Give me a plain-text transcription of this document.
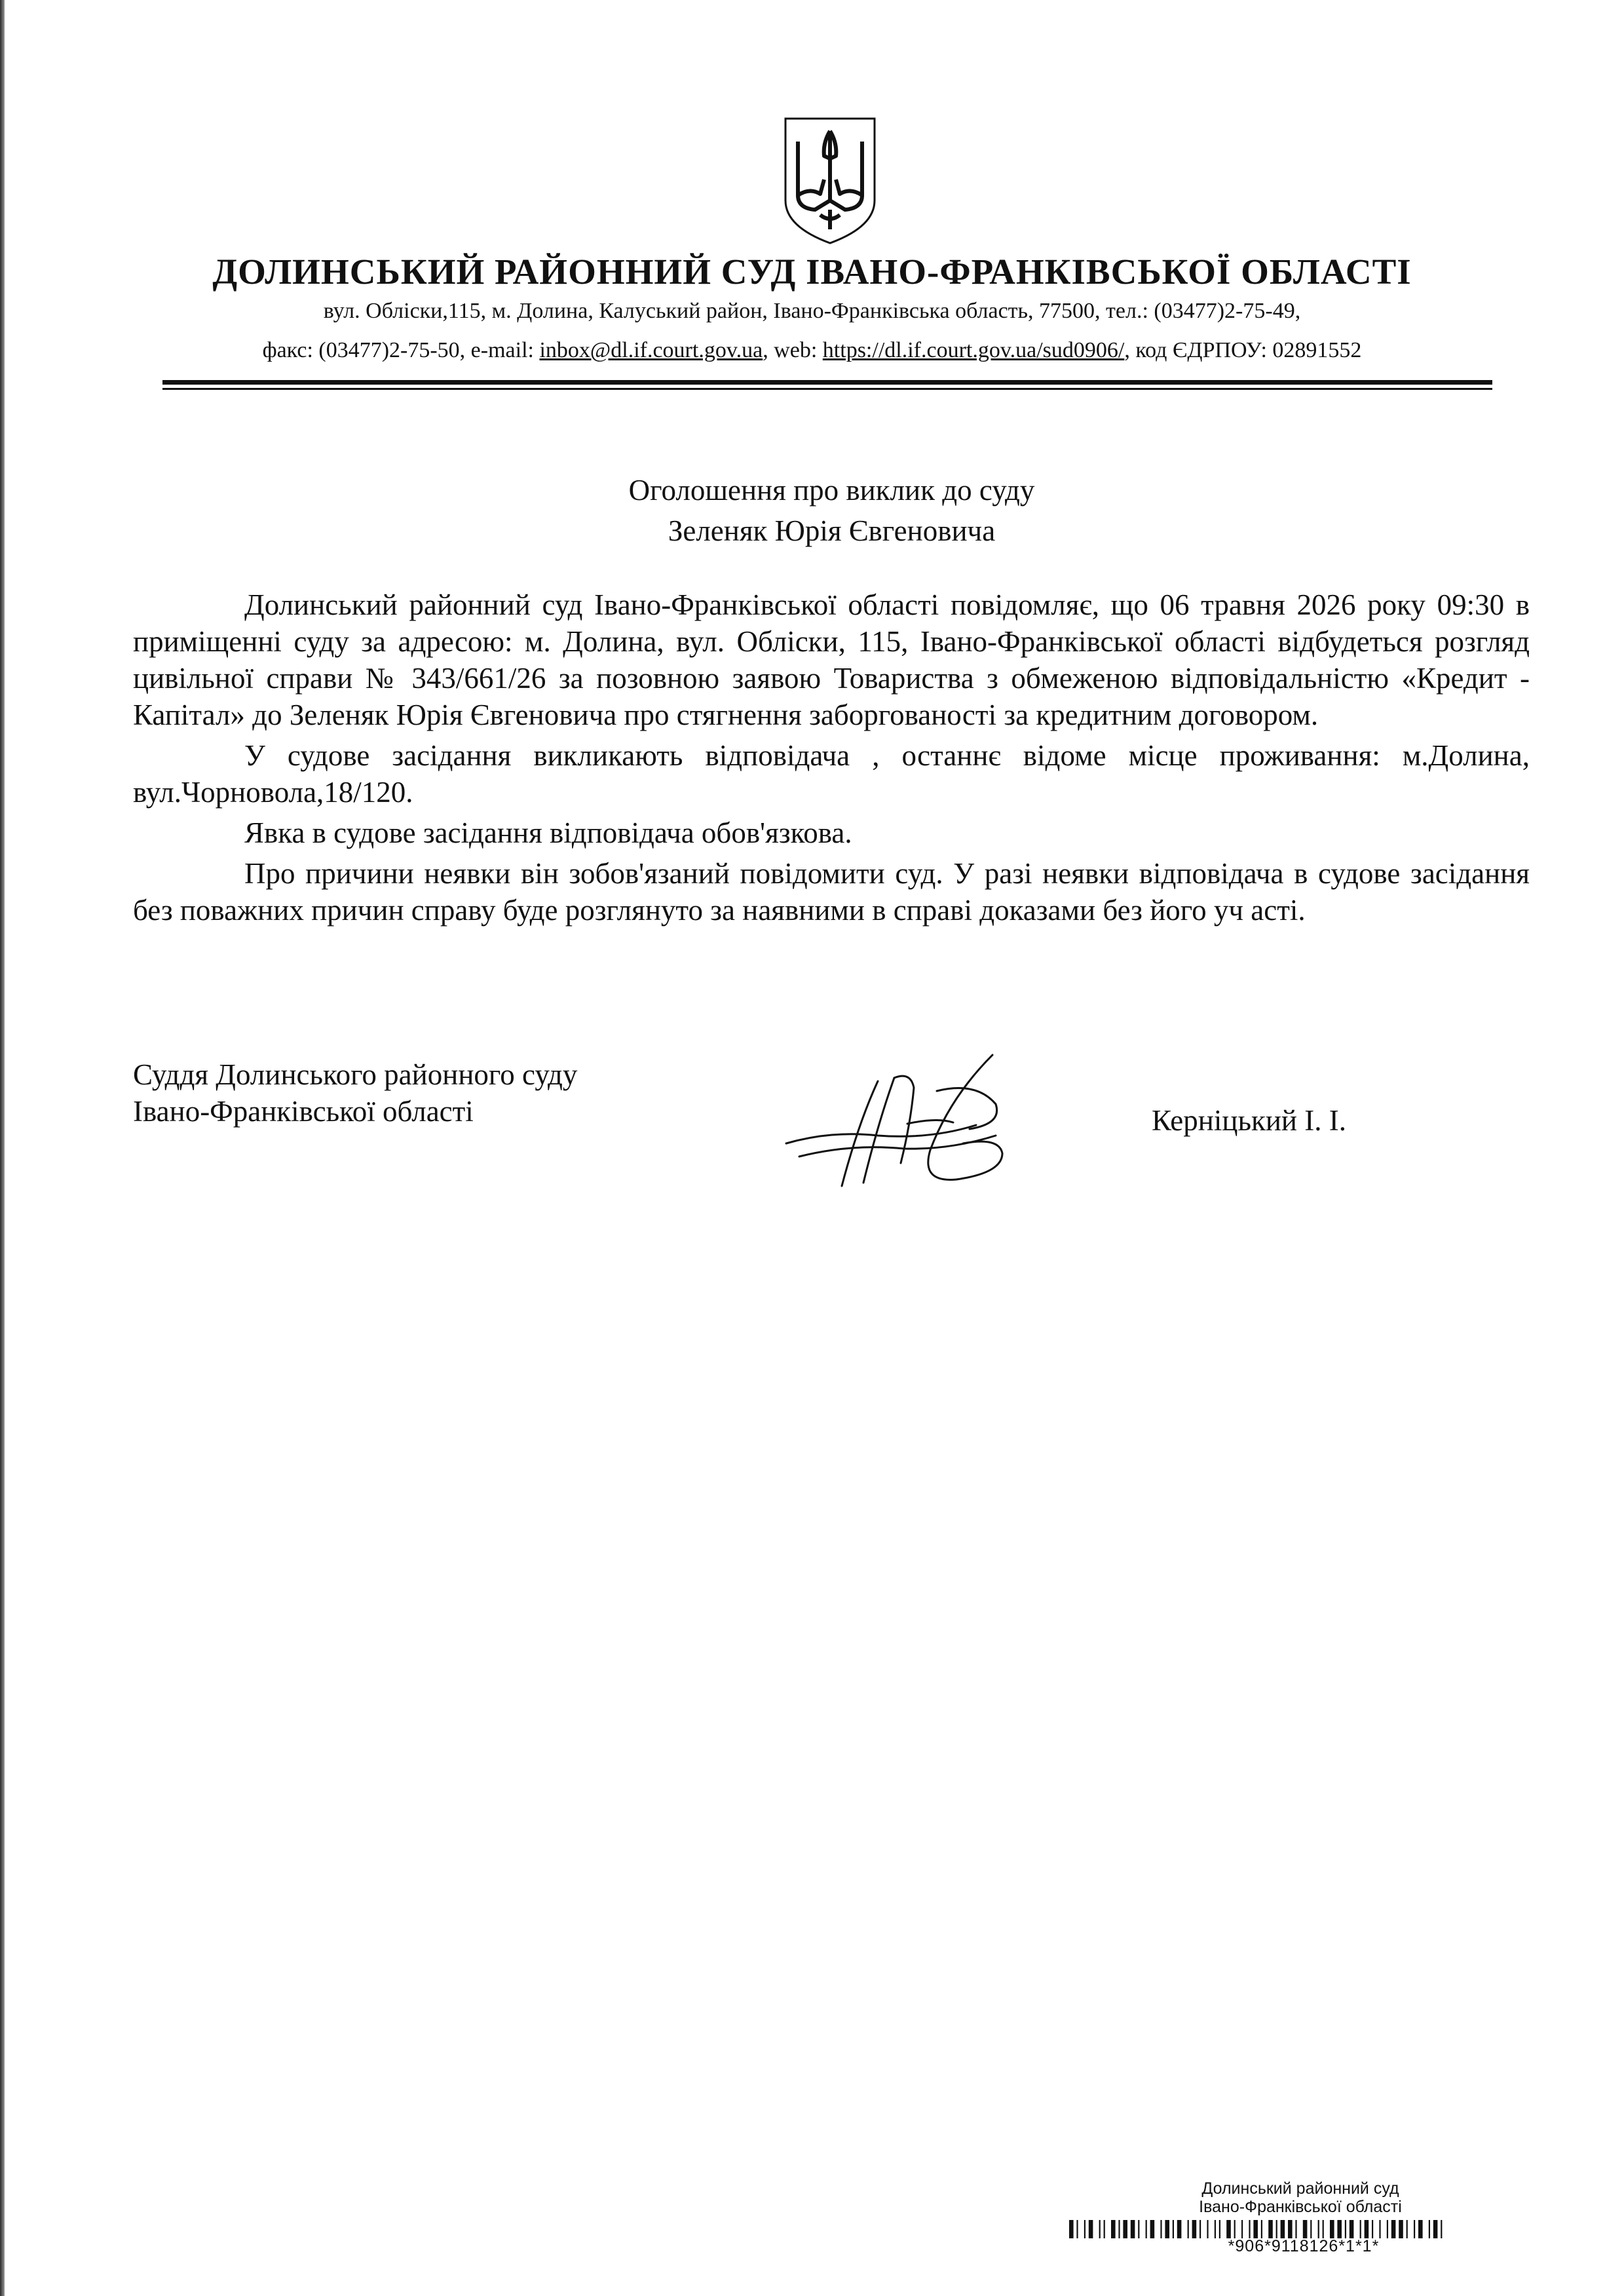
ДОЛИНСЬКИЙ РАЙОННИЙ СУД ІВАНО-ФРАНКІВСЬКОЇ ОБЛАСТІ
вул. Обліски,115, м. Долина, Калуський район, Івано-Франківська область, 77500, тел.: (03477)2-75-49,
факс: (03477)2-75-50, e-mail: inbox@dl.if.court.gov.ua, web: https://dl.if.court.gov.ua/sud0906/, код ЄДРПОУ: 02891552
Оголошення про виклик до суду
Зеленяк Юрія Євгеновича

Долинський районний суд Івано-Франківської області повідомляє, що 06 травня 2026 року 09:30 в приміщенні суду за адресою: м. Долина, вул. Обліски, 115, Івано-Франківської області відбудеться розгляд цивільної справи № 343/661/26 за позовною заявою Товариства з обмеженою відповідальністю «Кредит - Капітал» до Зеленяк Юрія Євгеновича про стягнення заборгованості за кредитним договором.

У судове засідання викликають відповідача , останнє відоме місце проживання: м.Долина, вул.Чорновола,18/120.

Явка в судове засідання відповідача обов'язкова.

Про причини неявки він зобов'язаний повідомити суд. У разі неявки відповідача в судове засідання без поважних причин справу буде розглянуто за наявними в справі доказами без його уч асті.

Суддя Долинського районного суду
Івано-Франківської області	Керніцький І. І.
Долинський районний суд
Івано-Франківської області
*906*9118126*1*1*
